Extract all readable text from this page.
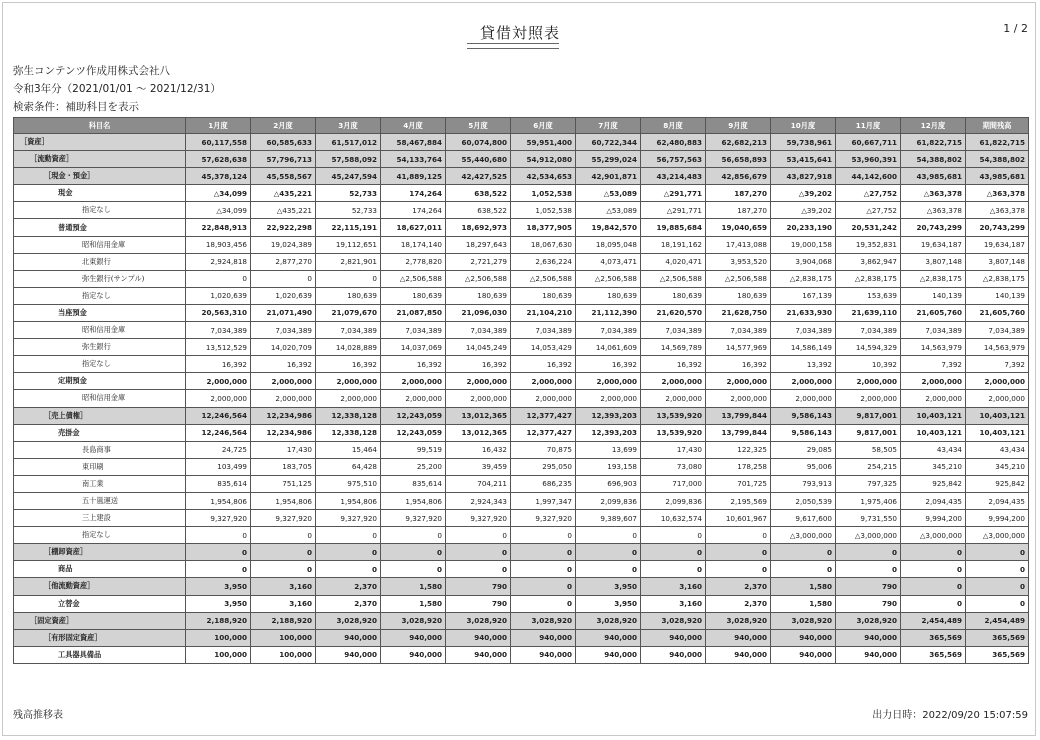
貸借対照表	1 / 2
弥生コンテンツ作成用株式会社八
令和3年分（2021/01/01 ～ 2021/12/31）
検索条件：補助科目を表示
科目名	1月度	2月度	3月度	4月度	5月度	6月度	7月度	8月度	9月度	10月度	11月度	12月度	期間残高
［資産］	60,117,558	60,585,633	61,517,012	58,467,884	60,074,800	59,951,400	60,722,344	62,480,883	62,682,213	59,738,961	60,667,711	61,822,715	61,822,715
［流動資産］	57,628,638	57,796,713	57,588,092	54,133,764	55,440,680	54,912,080	55,299,024	56,757,563	56,658,893	53,415,641	53,960,391	54,388,802	54,388,802
［現金・預金］	45,378,124	45,558,567	45,247,594	41,889,125	42,427,525	42,534,653	42,901,871	43,214,483	42,856,679	43,827,918	44,142,600	43,985,681	43,985,681
現金	△34,099	△435,221	52,733	174,264	638,522	1,052,538	△53,089	△291,771	187,270	△39,202	△27,752	△363,378	△363,378
指定なし	△34,099	△435,221	52,733	174,264	638,522	1,052,538	△53,089	△291,771	187,270	△39,202	△27,752	△363,378	△363,378
普通預金	22,848,913	22,922,298	22,115,191	18,627,011	18,692,973	18,377,905	19,842,570	19,885,684	19,040,659	20,233,190	20,531,242	20,743,299	20,743,299
昭和信用金庫	18,903,456	19,024,389	19,112,651	18,174,140	18,297,643	18,067,630	18,095,048	18,191,162	17,413,088	19,000,158	19,352,831	19,634,187	19,634,187
北東銀行	2,924,818	2,877,270	2,821,901	2,778,820	2,721,279	2,636,224	4,073,471	4,020,471	3,953,520	3,904,068	3,862,947	3,807,148	3,807,148
弥生銀行(サンプル)	0	0	0	△2,506,588	△2,506,588	△2,506,588	△2,506,588	△2,506,588	△2,506,588	△2,838,175	△2,838,175	△2,838,175	△2,838,175
指定なし	1,020,639	1,020,639	180,639	180,639	180,639	180,639	180,639	180,639	180,639	167,139	153,639	140,139	140,139
当座預金	20,563,310	21,071,490	21,079,670	21,087,850	21,096,030	21,104,210	21,112,390	21,620,570	21,628,750	21,633,930	21,639,110	21,605,760	21,605,760
昭和信用金庫	7,034,389	7,034,389	7,034,389	7,034,389	7,034,389	7,034,389	7,034,389	7,034,389	7,034,389	7,034,389	7,034,389	7,034,389	7,034,389
弥生銀行	13,512,529	14,020,709	14,028,889	14,037,069	14,045,249	14,053,429	14,061,609	14,569,789	14,577,969	14,586,149	14,594,329	14,563,979	14,563,979
指定なし	16,392	16,392	16,392	16,392	16,392	16,392	16,392	16,392	16,392	13,392	10,392	7,392	7,392
定期預金	2,000,000	2,000,000	2,000,000	2,000,000	2,000,000	2,000,000	2,000,000	2,000,000	2,000,000	2,000,000	2,000,000	2,000,000	2,000,000
昭和信用金庫	2,000,000	2,000,000	2,000,000	2,000,000	2,000,000	2,000,000	2,000,000	2,000,000	2,000,000	2,000,000	2,000,000	2,000,000	2,000,000
［売上債権］	12,246,564	12,234,986	12,338,128	12,243,059	13,012,365	12,377,427	12,393,203	13,539,920	13,799,844	9,586,143	9,817,001	10,403,121	10,403,121
売掛金	12,246,564	12,234,986	12,338,128	12,243,059	13,012,365	12,377,427	12,393,203	13,539,920	13,799,844	9,586,143	9,817,001	10,403,121	10,403,121
長島商事	24,725	17,430	15,464	99,519	16,432	70,875	13,699	17,430	122,325	29,085	58,505	43,434	43,434
東印刷	103,499	183,705	64,428	25,200	39,459	295,050	193,158	73,080	178,258	95,006	254,215	345,210	345,210
南工業	835,614	751,125	975,510	835,614	704,211	686,235	696,903	717,000	701,725	793,913	797,325	925,842	925,842
五十嵐運送	1,954,806	1,954,806	1,954,806	1,954,806	2,924,343	1,997,347	2,099,836	2,099,836	2,195,569	2,050,539	1,975,406	2,094,435	2,094,435
三上建設	9,327,920	9,327,920	9,327,920	9,327,920	9,327,920	9,327,920	9,389,607	10,632,574	10,601,967	9,617,600	9,731,550	9,994,200	9,994,200
指定なし	0	0	0	0	0	0	0	0	0	△3,000,000	△3,000,000	△3,000,000	△3,000,000
［棚卸資産］	0	0	0	0	0	0	0	0	0	0	0	0	0
商品	0	0	0	0	0	0	0	0	0	0	0	0	0
［他流動資産］	3,950	3,160	2,370	1,580	790	0	3,950	3,160	2,370	1,580	790	0	0
立替金	3,950	3,160	2,370	1,580	790	0	3,950	3,160	2,370	1,580	790	0	0
［固定資産］	2,188,920	2,188,920	3,028,920	3,028,920	3,028,920	3,028,920	3,028,920	3,028,920	3,028,920	3,028,920	3,028,920	2,454,489	2,454,489
［有形固定資産］	100,000	100,000	940,000	940,000	940,000	940,000	940,000	940,000	940,000	940,000	940,000	365,569	365,569
工具器具備品	100,000	100,000	940,000	940,000	940,000	940,000	940,000	940,000	940,000	940,000	940,000	365,569	365,569
残高推移表	出力日時：2022/09/20 15:07:59
